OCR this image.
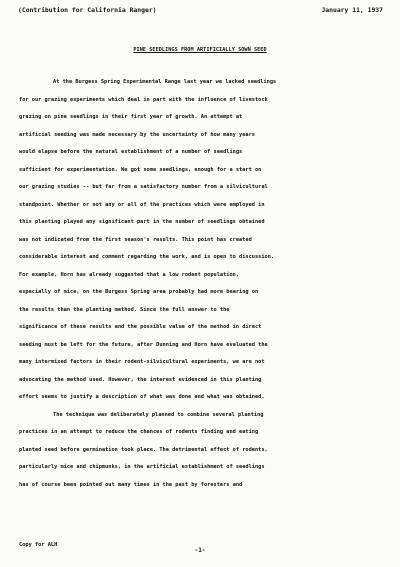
(Contribution for California Ranger)	January 11, 1937
PINE SEEDLINGS FROM ARTIFICIALLY SOWN SEED
At the Burgess Spring Experimental Range last year we lacked seedlings
for our grazing experiments which deal in part with the influence of livestock
grazing on pine seedlings in their first year of growth. An attempt at
artificial seeding was made necessary by the uncertainty of how many years
would elapse before the natural establishment of a number of seedlings
sufficient for experimentation. We got some seedlings, enough for a start on
our grazing studies -- but far from a satisfactory number from a silvicultural
standpoint. Whether or not any or all of the practices which were employed in
this planting played any significant part in the number of seedlings obtained
was not indicated from the first season's results. This point has created
considerable interest and comment regarding the work, and is open to discussion.
For example, Horn has already suggested that a low rodent population,
especially of mice, on the Burgess Spring area probably had more bearing on
the results than the planting method. Since the full answer to the
significance of these results and the possible value of the method in direct
seeding must be left for the future, after Dunning and Horn have evaluated the
many intermixed factors in their rodent-silvicultural experiments, we are not
advocating the method used. However, the interest evidenced in this planting
effort seems to justify a description of what was done and what was obtained.
The technique was deliberately planned to combine several planting
practices in an attempt to reduce the chances of rodents finding and eating
planted seed before germination took place. The detrimental effect of rodents,
particularly mice and chipmunks, in the artificial establishment of seedlings
has of course been pointed out many times in the past by foresters and
Copy for ALH
-1-
